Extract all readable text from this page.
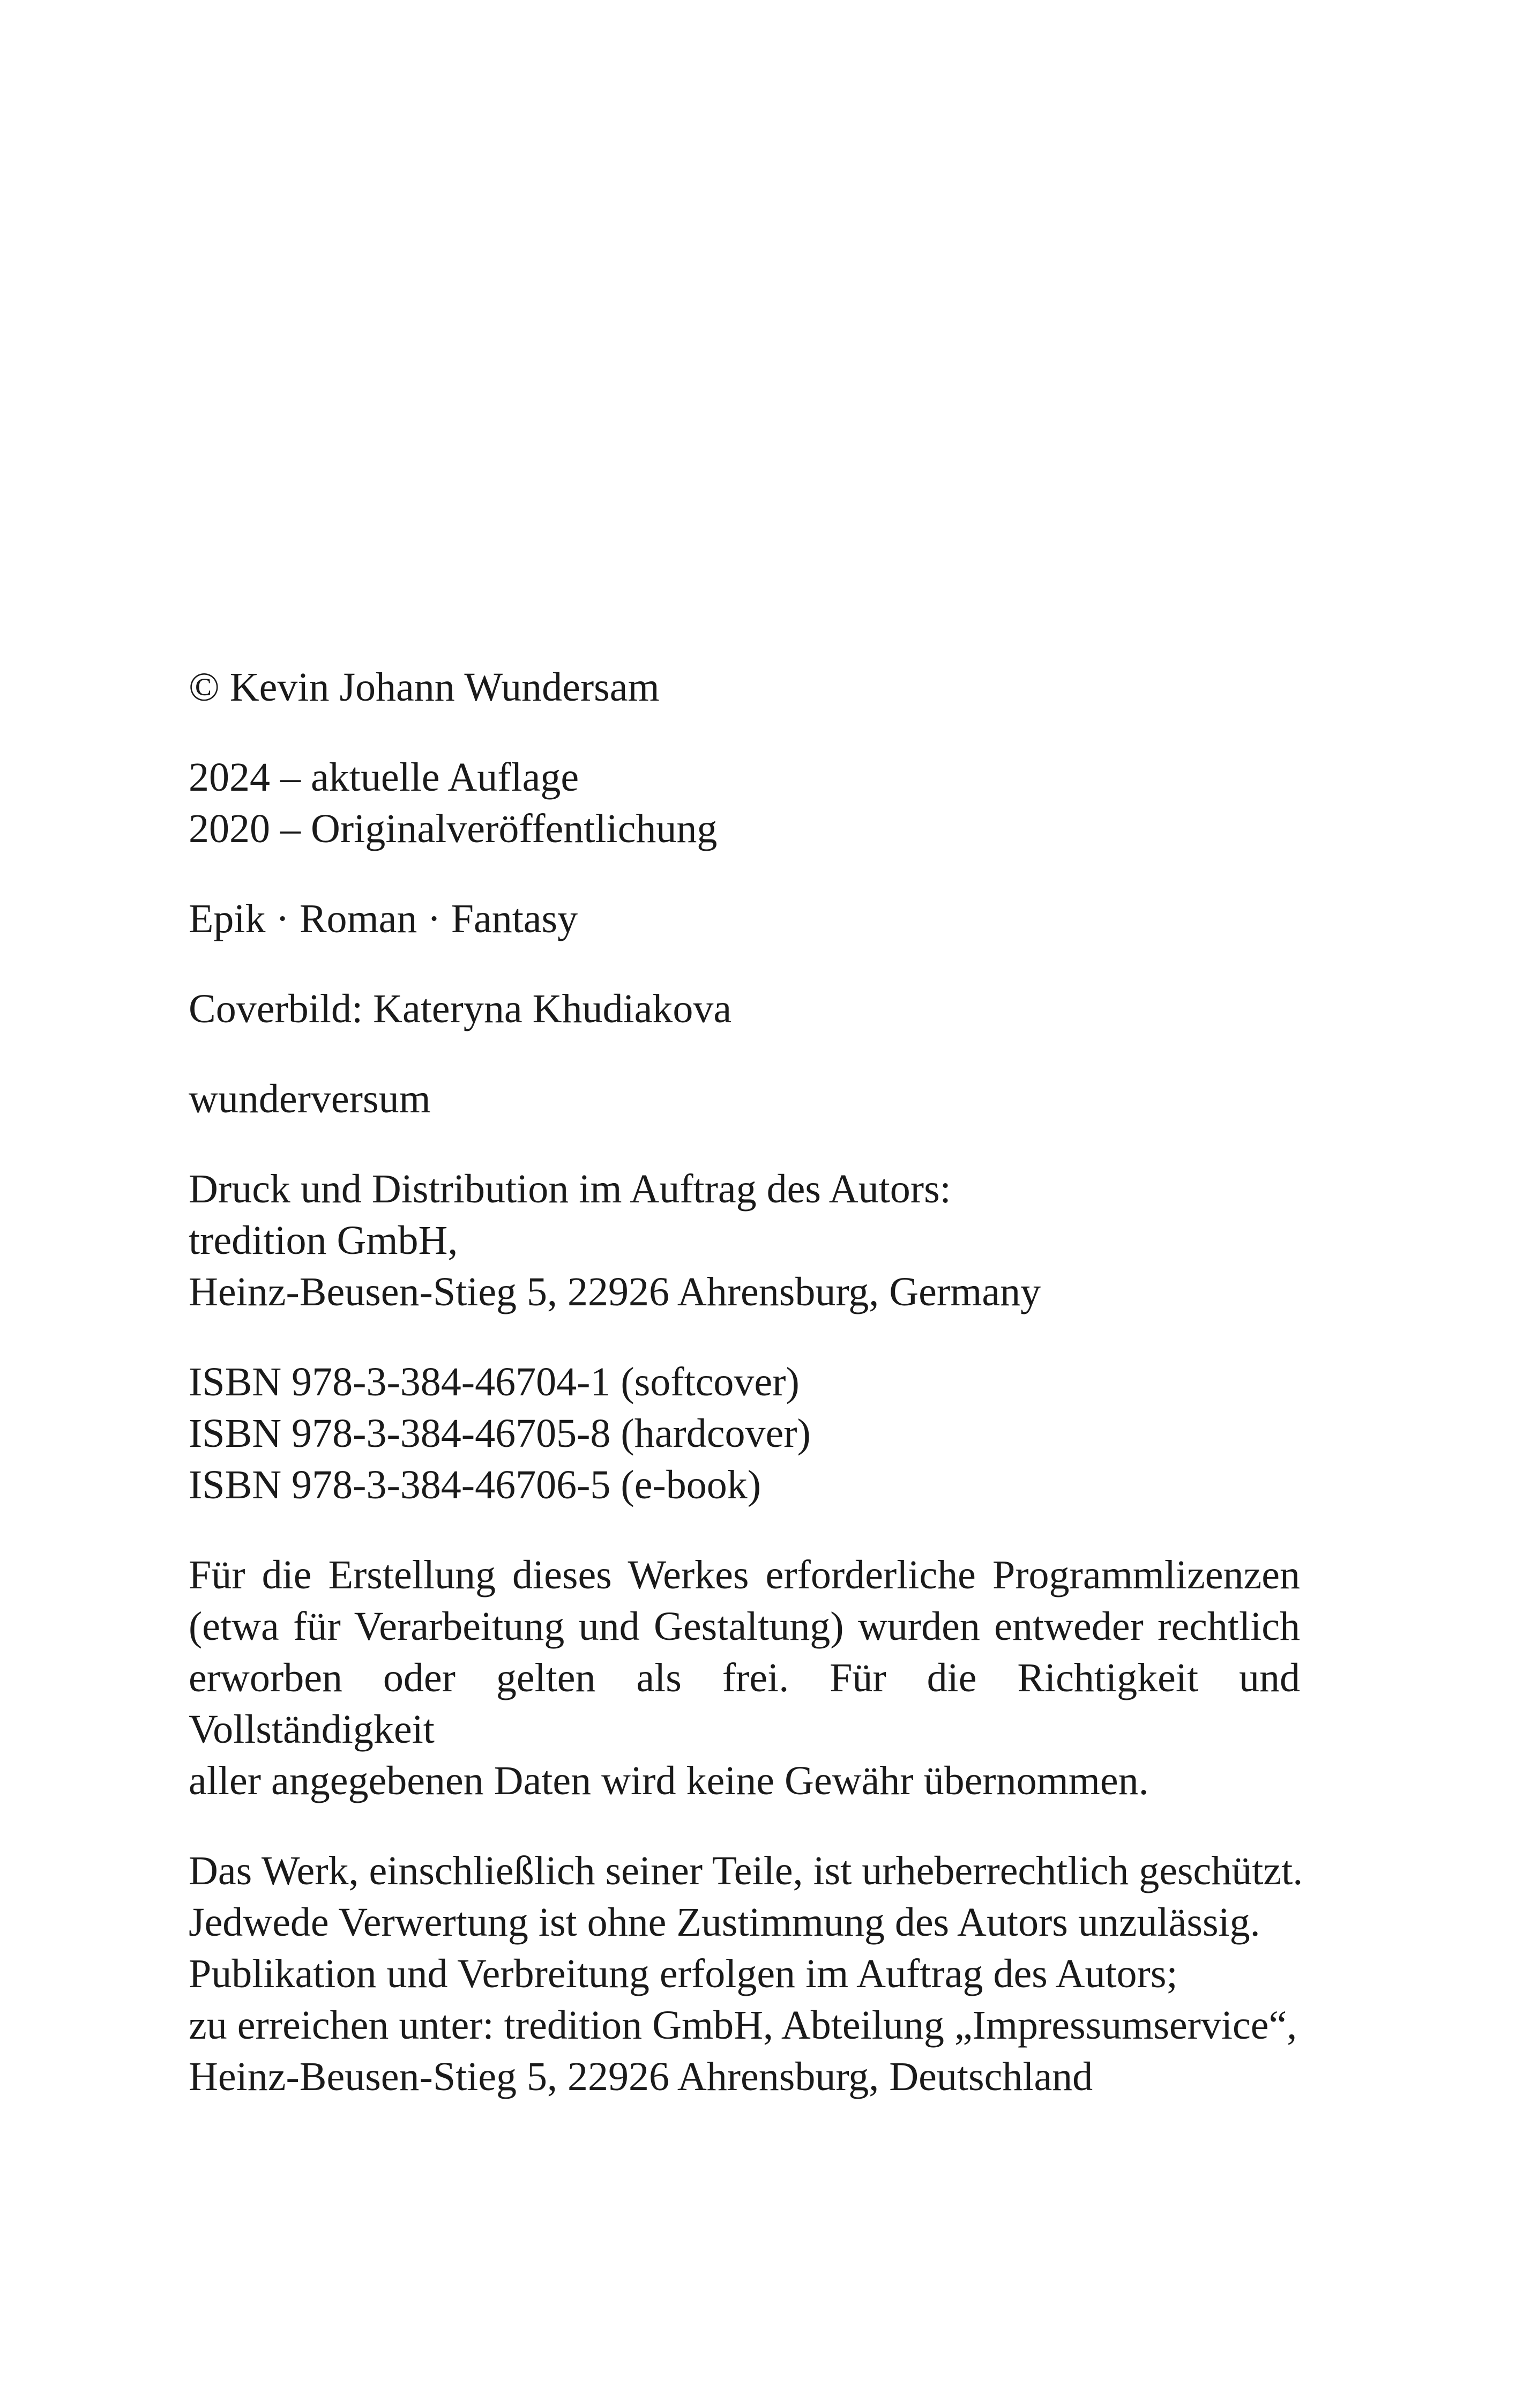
© Kevin Johann Wundersam
2024 – aktuelle Auflage
2020 – Originalveröffentlichung
Epik · Roman · Fantasy
Coverbild: Kateryna Khudiakova
wunderversum
Druck und Distribution im Auftrag des Autors:
tredition GmbH,
Heinz-Beusen-Stieg 5, 22926 Ahrensburg, Germany
ISBN 978-3-384-46704-1 (softcover)
ISBN 978-3-384-46705-8 (hardcover)
ISBN 978-3-384-46706-5 (e-book)
Für die Erstellung dieses Werkes erforderliche Programmlizenzen
(etwa für Verarbeitung und Gestaltung) wurden entweder rechtlich
erworben oder gelten als frei. Für die Richtigkeit und Vollständigkeit
aller angegebenen Daten wird keine Gewähr übernommen.
Das Werk, einschließlich seiner Teile, ist urheberrechtlich geschützt.
Jedwede Verwertung ist ohne Zustimmung des Autors unzulässig.
Publikation und Verbreitung erfolgen im Auftrag des Autors;
zu erreichen unter: tredition GmbH, Abteilung „Impressumservice“,
Heinz-Beusen-Stieg 5, 22926 Ahrensburg, Deutschland
